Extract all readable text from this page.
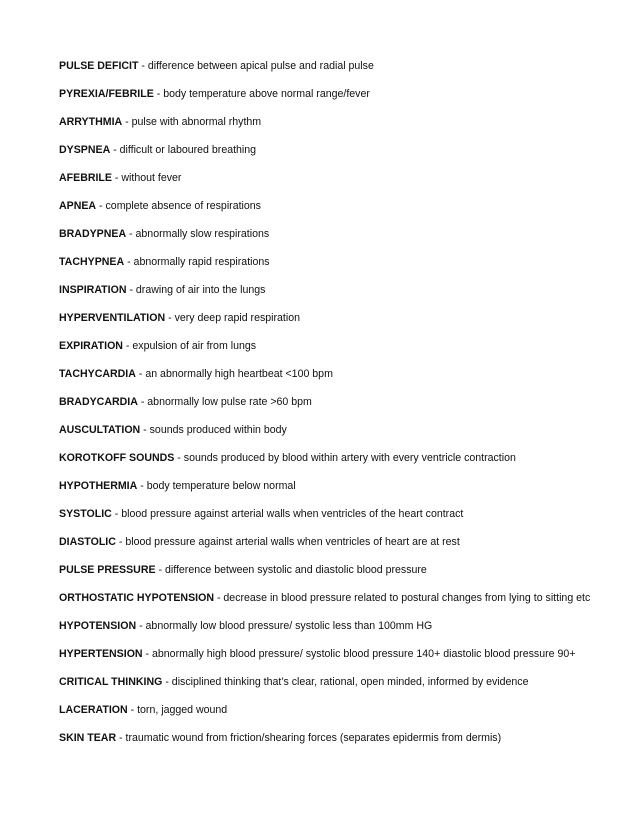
PULSE DEFICIT - difference between apical pulse and radial pulse
PYREXIA/FEBRILE - body temperature above normal range/fever
ARRYTHMIA - pulse with abnormal rhythm
DYSPNEA - difficult or laboured breathing
AFEBRILE - without fever
APNEA - complete absence of respirations
BRADYPNEA - abnormally slow respirations
TACHYPNEA - abnormally rapid respirations
INSPIRATION - drawing of air into the lungs
HYPERVENTILATION - very deep rapid respiration
EXPIRATION - expulsion of air from lungs
TACHYCARDIA - an abnormally high heartbeat <100 bpm
BRADYCARDIA - abnormally low pulse rate >60 bpm
AUSCULTATION - sounds produced within body
KOROTKOFF SOUNDS - sounds produced by blood within artery with every ventricle contraction
HYPOTHERMIA - body temperature below normal
SYSTOLIC - blood pressure against arterial walls when ventricles of the heart contract
DIASTOLIC - blood pressure against arterial walls when ventricles of heart are at rest
PULSE PRESSURE - difference between systolic and diastolic blood pressure
ORTHOSTATIC HYPOTENSION - decrease in blood pressure related to postural changes from lying to sitting etc
HYPOTENSION - abnormally low blood pressure/ systolic less than 100mm HG
HYPERTENSION - abnormally high blood pressure/ systolic blood pressure 140+ diastolic blood pressure 90+
CRITICAL THINKING - disciplined thinking that’s clear, rational, open minded, informed by evidence
LACERATION - torn, jagged wound
SKIN TEAR - traumatic wound from friction/shearing forces (separates epidermis from dermis)
